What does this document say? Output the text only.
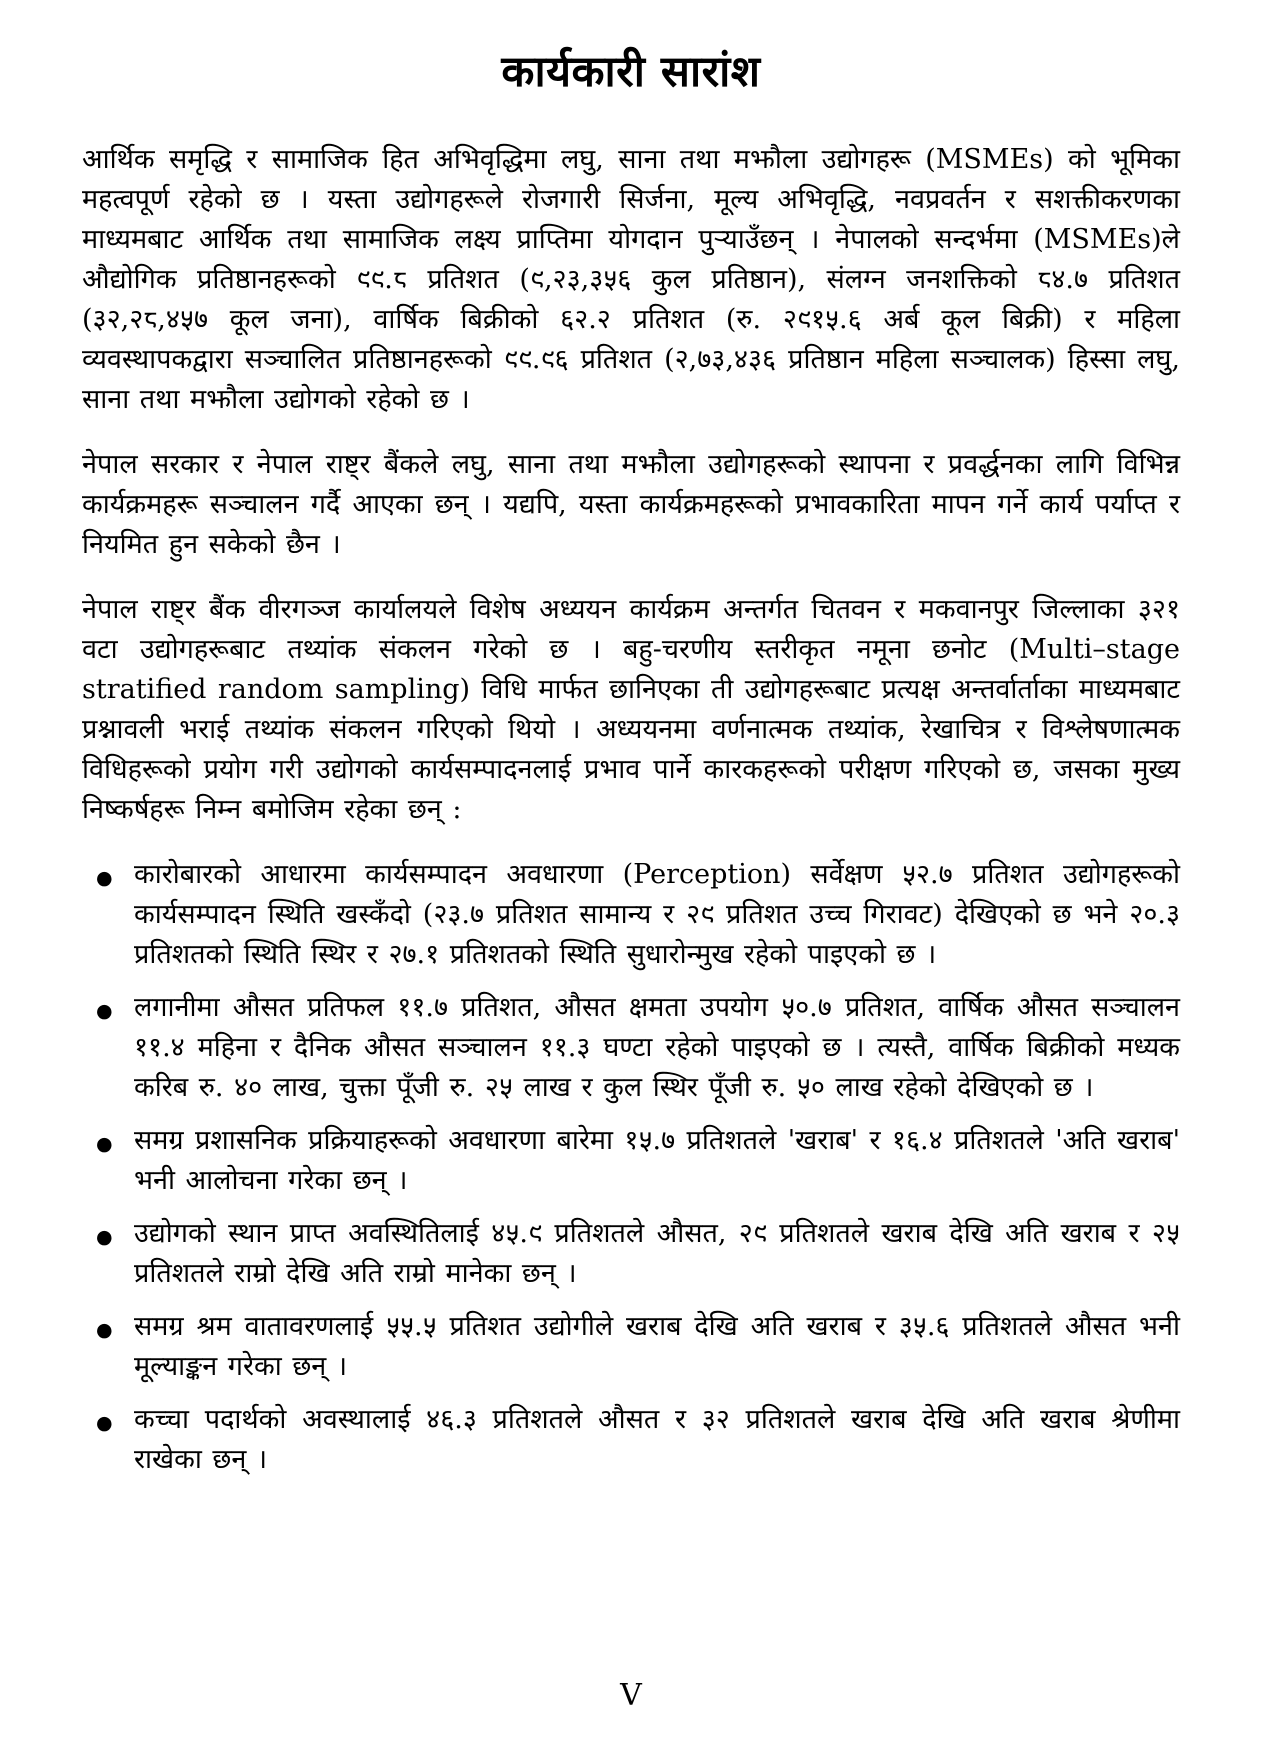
कार्यकारी सारांश

आर्थिक समृद्धि र सामाजिक हित अभिवृद्धिमा लघु, साना तथा मझौला उद्योगहरू (MSMEs) को भूमिका महत्वपूर्ण रहेको छ । यस्ता उद्योगहरूले रोजगारी सिर्जना, मूल्य अभिवृद्धि, नवप्रवर्तन र सशक्तीकरणका माध्यमबाट आर्थिक तथा सामाजिक लक्ष्य प्राप्तिमा योगदान पुऱ्याउँछन् । नेपालको सन्दर्भमा (MSMEs)ले औद्योगिक प्रतिष्ठानहरूको ९९.८ प्रतिशत (९,२३,३५६ कुल प्रतिष्ठान), संलग्न जनशक्तिको ८४.७ प्रतिशत (३२,२८,४५७ कूल जना), वार्षिक बिक्रीको ६२.२ प्रतिशत (रु. २९१५.६ अर्ब कूल बिक्री) र महिला व्यवस्थापकद्वारा सञ्चालित प्रतिष्ठानहरूको ९९.९६ प्रतिशत (२,७३,४३६ प्रतिष्ठान महिला सञ्चालक) हिस्सा लघु, साना तथा मझौला उद्योगको रहेको छ ।

नेपाल सरकार र नेपाल राष्ट्र बैंकले लघु, साना तथा मझौला उद्योगहरूको स्थापना र प्रवर्द्धनका लागि विभिन्न कार्यक्रमहरू सञ्चालन गर्दै आएका छन् । यद्यपि, यस्ता कार्यक्रमहरूको प्रभावकारिता मापन गर्ने कार्य पर्याप्त र नियमित हुन सकेको छैन ।

नेपाल राष्ट्र बैंक वीरगञ्ज कार्यालयले विशेष अध्ययन कार्यक्रम अन्तर्गत चितवन र मकवानपुर जिल्लाका ३२१ वटा उद्योगहरूबाट तथ्यांक संकलन गरेको छ । बहु-चरणीय स्तरीकृत नमूना छनोट (Multi–stage stratified random sampling) विधि मार्फत छानिएका ती उद्योगहरूबाट प्रत्यक्ष अन्तर्वार्ताका माध्यमबाट प्रश्नावली भराई तथ्यांक संकलन गरिएको थियो । अध्ययनमा वर्णनात्मक तथ्यांक, रेखाचित्र र विश्लेषणात्मक विधिहरूको प्रयोग गरी उद्योगको कार्यसम्पादनलाई प्रभाव पार्ने कारकहरूको परीक्षण गरिएको छ, जसका मुख्य निष्कर्षहरू निम्न बमोजिम रहेका छन् :

● कारोबारको आधारमा कार्यसम्पादन अवधारणा (Perception) सर्वेक्षण ५२.७ प्रतिशत उद्योगहरूको कार्यसम्पादन स्थिति खस्कँदो (२३.७ प्रतिशत सामान्य र २९ प्रतिशत उच्च गिरावट) देखिएको छ भने २०.३ प्रतिशतको स्थिति स्थिर र २७.१ प्रतिशतको स्थिति सुधारोन्मुख रहेको पाइएको छ ।
● लगानीमा औसत प्रतिफल ११.७ प्रतिशत, औसत क्षमता उपयोग ५०.७ प्रतिशत, वार्षिक औसत सञ्चालन ११.४ महिना र दैनिक औसत सञ्चालन ११.३ घण्टा रहेको पाइएको छ । त्यस्तै, वार्षिक बिक्रीको मध्यक करिब रु. ४० लाख, चुक्ता पूँजी रु. २५ लाख र कुल स्थिर पूँजी रु. ५० लाख रहेको देखिएको छ ।
● समग्र प्रशासनिक प्रक्रियाहरूको अवधारणा बारेमा १५.७ प्रतिशतले 'खराब' र १६.४ प्रतिशतले 'अति खराब' भनी आलोचना गरेका छन् ।
● उद्योगको स्थान प्राप्त अवस्थितिलाई ४५.९ प्रतिशतले औसत, २९ प्रतिशतले खराब देखि अति खराब र २५ प्रतिशतले राम्रो देखि अति राम्रो मानेका छन् ।
● समग्र श्रम वातावरणलाई ५५.५ प्रतिशत उद्योगीले खराब देखि अति खराब र ३५.६ प्रतिशतले औसत भनी मूल्याङ्कन गरेका छन् ।
● कच्चा पदार्थको अवस्थालाई ४६.३ प्रतिशतले औसत र ३२ प्रतिशतले खराब देखि अति खराब श्रेणीमा राखेका छन् ।
V
